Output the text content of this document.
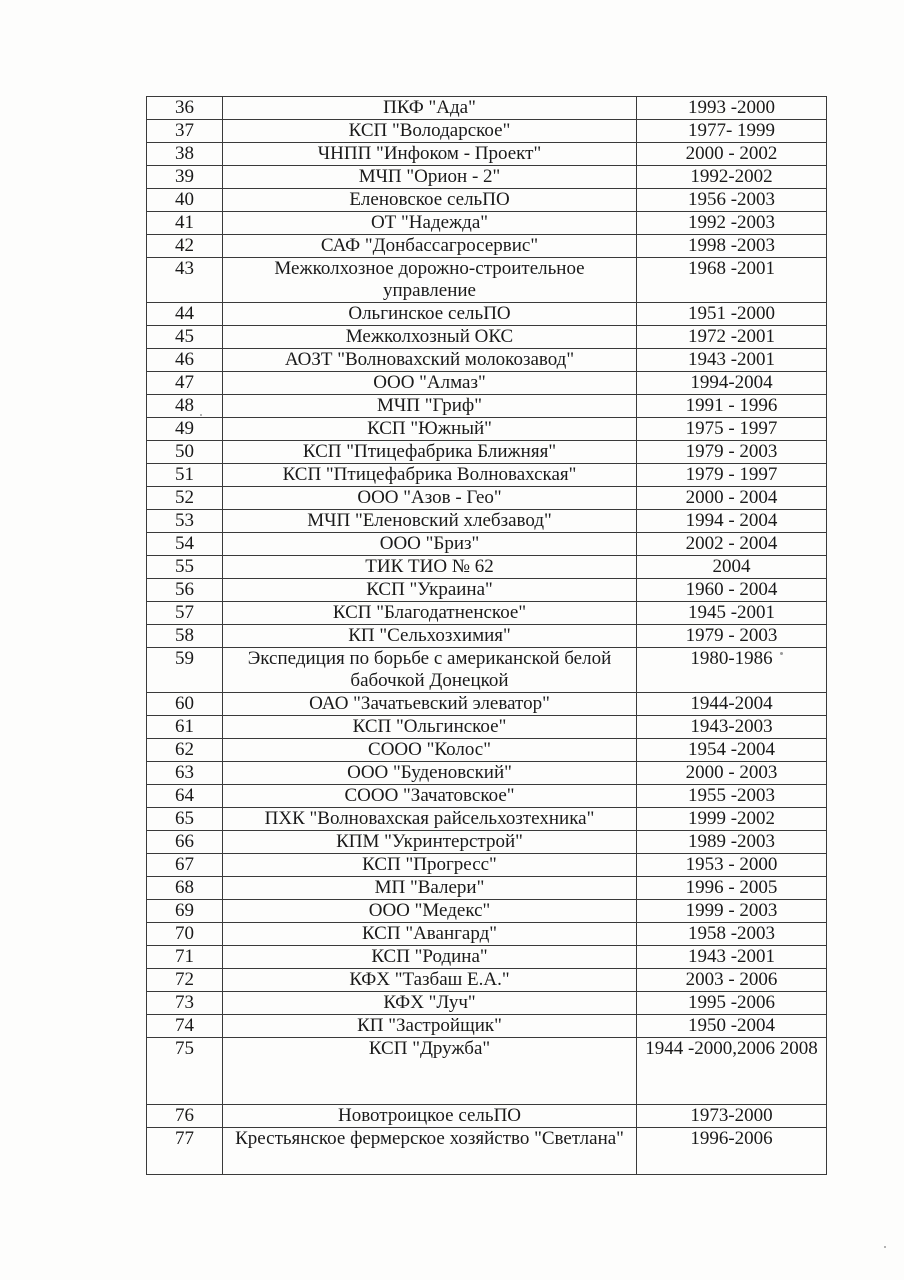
36	ПКФ "Ада"	1993 -2000
37	КСП "Володарское"	1977- 1999
38	ЧНПП "Инфоком - Проект"	2000 - 2002
39	МЧП "Орион - 2"	1992-2002
40	Еленовское сельПО	1956 -2003
41	ОТ "Надежда"	1992 -2003
42	САФ "Донбассагросервис"	1998 -2003
43	Межколхозное дорожно-строительное управление	1968 -2001
44	Ольгинское сельПО	1951 -2000
45	Межколхозный ОКС	1972 -2001
46	АОЗТ "Волновахский молокозавод"	1943 -2001
47	ООО "Алмаз"	1994-2004
48	МЧП "Гриф"	1991 - 1996
49	КСП "Южный"	1975 - 1997
50	КСП "Птицефабрика Ближняя"	1979 - 2003
51	КСП "Птицефабрика Волновахская"	1979 - 1997
52	ООО "Азов - Гео"	2000 - 2004
53	МЧП "Еленовский хлебзавод"	1994 - 2004
54	ООО "Бриз"	2002 - 2004
55	ТИК ТИО № 62	2004
56	КСП "Украина"	1960 - 2004
57	КСП "Благодатненское"	1945 -2001
58	КП "Сельхозхимия"	1979 - 2003
59	Экспедиция по борьбе с американской белой бабочкой Донецкой	1980-1986
60	ОАО "Зачатьевский элеватор"	1944-2004
61	КСП "Ольгинское"	1943-2003
62	СООО "Колос"	1954 -2004
63	ООО "Буденовский"	2000 - 2003
64	СООО "Зачатовское"	1955 -2003
65	ПХК "Волновахская райсельхозтехника"	1999 -2002
66	КПМ "Укринтерстрой"	1989 -2003
67	КСП "Прогресс"	1953 - 2000
68	МП "Валери"	1996 - 2005
69	ООО "Медекс"	1999 - 2003
70	КСП "Авангард"	1958 -2003
71	КСП "Родина"	1943 -2001
72	КФХ "Тазбаш Е.А."	2003 - 2006
73	КФХ "Луч"	1995 -2006
74	КП "Застройщик"	1950 -2004
75	КСП "Дружба"	1944 -2000,2006 2008
76	Новотроицкое сельПО	1973-2000
77	Крестьянское фермерское хозяйство "Светлана"	1996-2006
